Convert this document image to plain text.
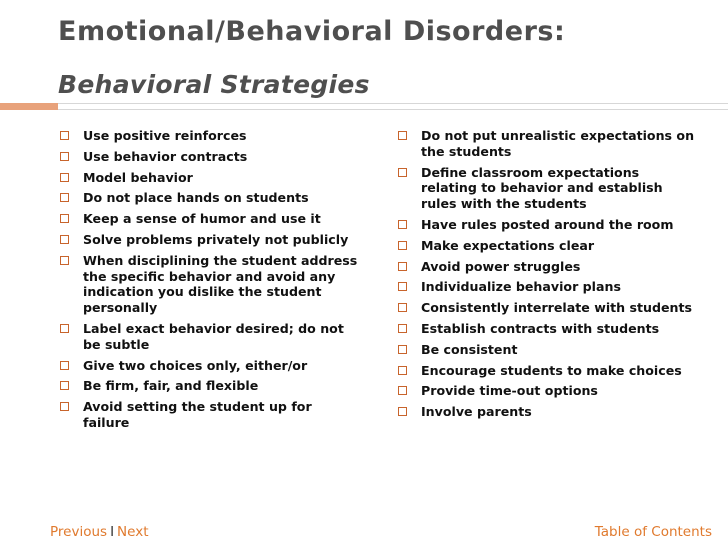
Emotional/Behavioral Disorders:
Behavioral Strategies
Use positive reinforces
Use behavior contracts
Model behavior
Do not place hands on students
Keep a sense of humor and use it
Solve problems privately not publicly
When disciplining the student address the specific behavior and avoid any indication you dislike the student personally
Label exact behavior desired; do not be subtle
Give two choices only, either/or
Be firm, fair, and flexible
Avoid setting the student up for failure
Do not put unrealistic expectations on the students
Define classroom expectations relating to behavior and establish rules with the students
Have rules posted around the room
Make expectations clear
Avoid power struggles
Individualize behavior plans
Consistently interrelate with students
Establish contracts with students
Be consistent
Encourage students to make choices
Provide time-out options
Involve parents
Previous I Next	Table of Contents
